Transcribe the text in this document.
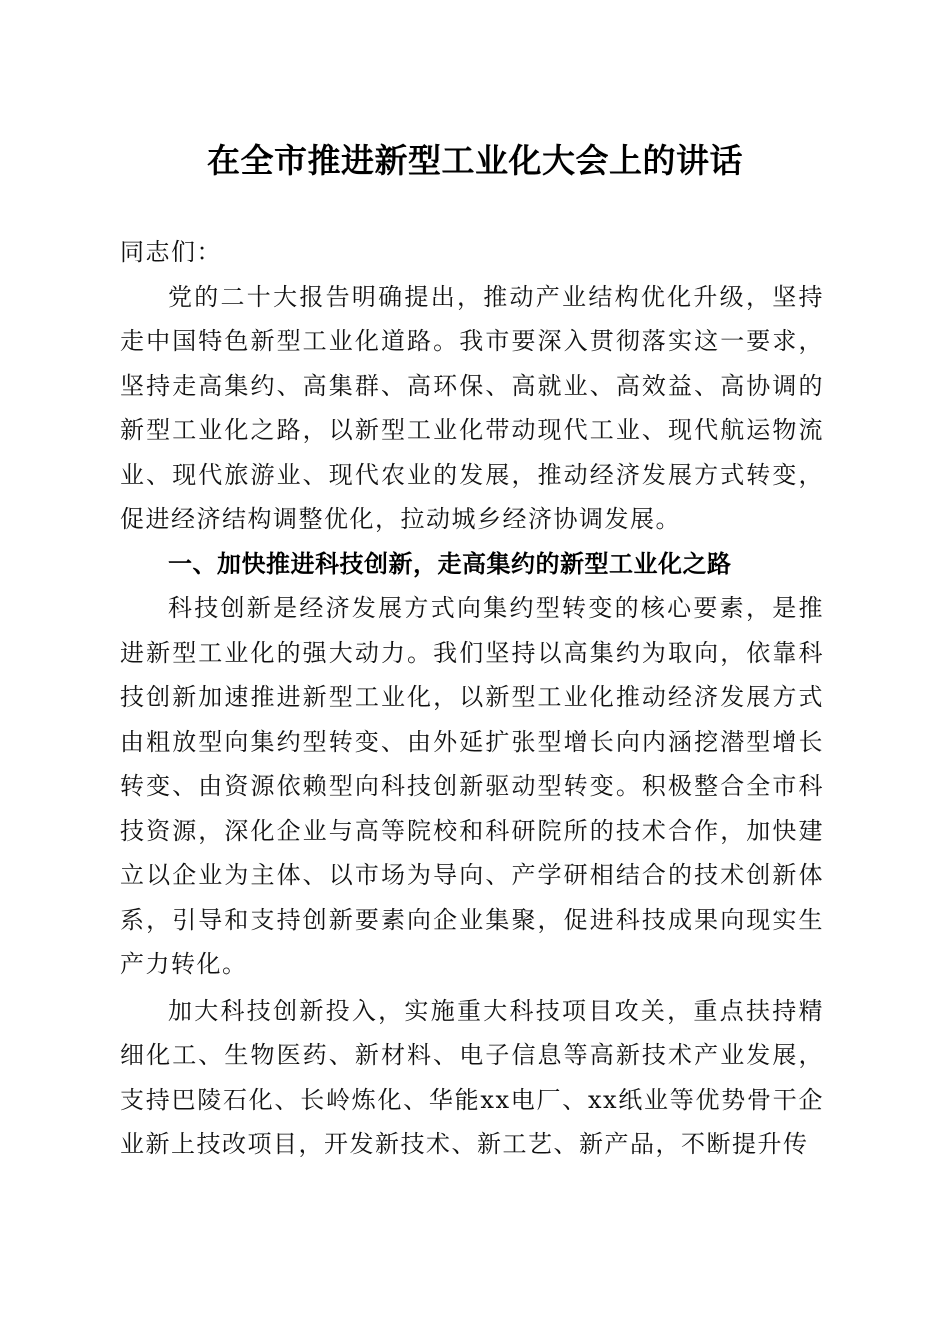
在全市推进新型工业化大会上的讲话

同志们：

党的二十大报告明确提出，推动产业结构优化升级，坚持走中国特色新型工业化道路。我市要深入贯彻落实这一要求，坚持走高集约、高集群、高环保、高就业、高效益、高协调的新型工业化之路，以新型工业化带动现代工业、现代航运物流业、现代旅游业、现代农业的发展，推动经济发展方式转变，促进经济结构调整优化，拉动城乡经济协调发展。

一、加快推进科技创新，走高集约的新型工业化之路

科技创新是经济发展方式向集约型转变的核心要素，是推进新型工业化的强大动力。我们坚持以高集约为取向，依靠科技创新加速推进新型工业化，以新型工业化推动经济发展方式由粗放型向集约型转变、由外延扩张型增长向内涵挖潜型增长转变、由资源依赖型向科技创新驱动型转变。积极整合全市科技资源，深化企业与高等院校和科研院所的技术合作，加快建立以企业为主体、以市场为导向、产学研相结合的技术创新体系，引导和支持创新要素向企业集聚，促进科技成果向现实生产力转化。

加大科技创新投入，实施重大科技项目攻关，重点扶持精细化工、生物医药、新材料、电子信息等高新技术产业发展，支持巴陵石化、长岭炼化、华能xx电厂、xx纸业等优势骨干企业新上技改项目，开发新技术、新工艺、新产品，不断提升传
